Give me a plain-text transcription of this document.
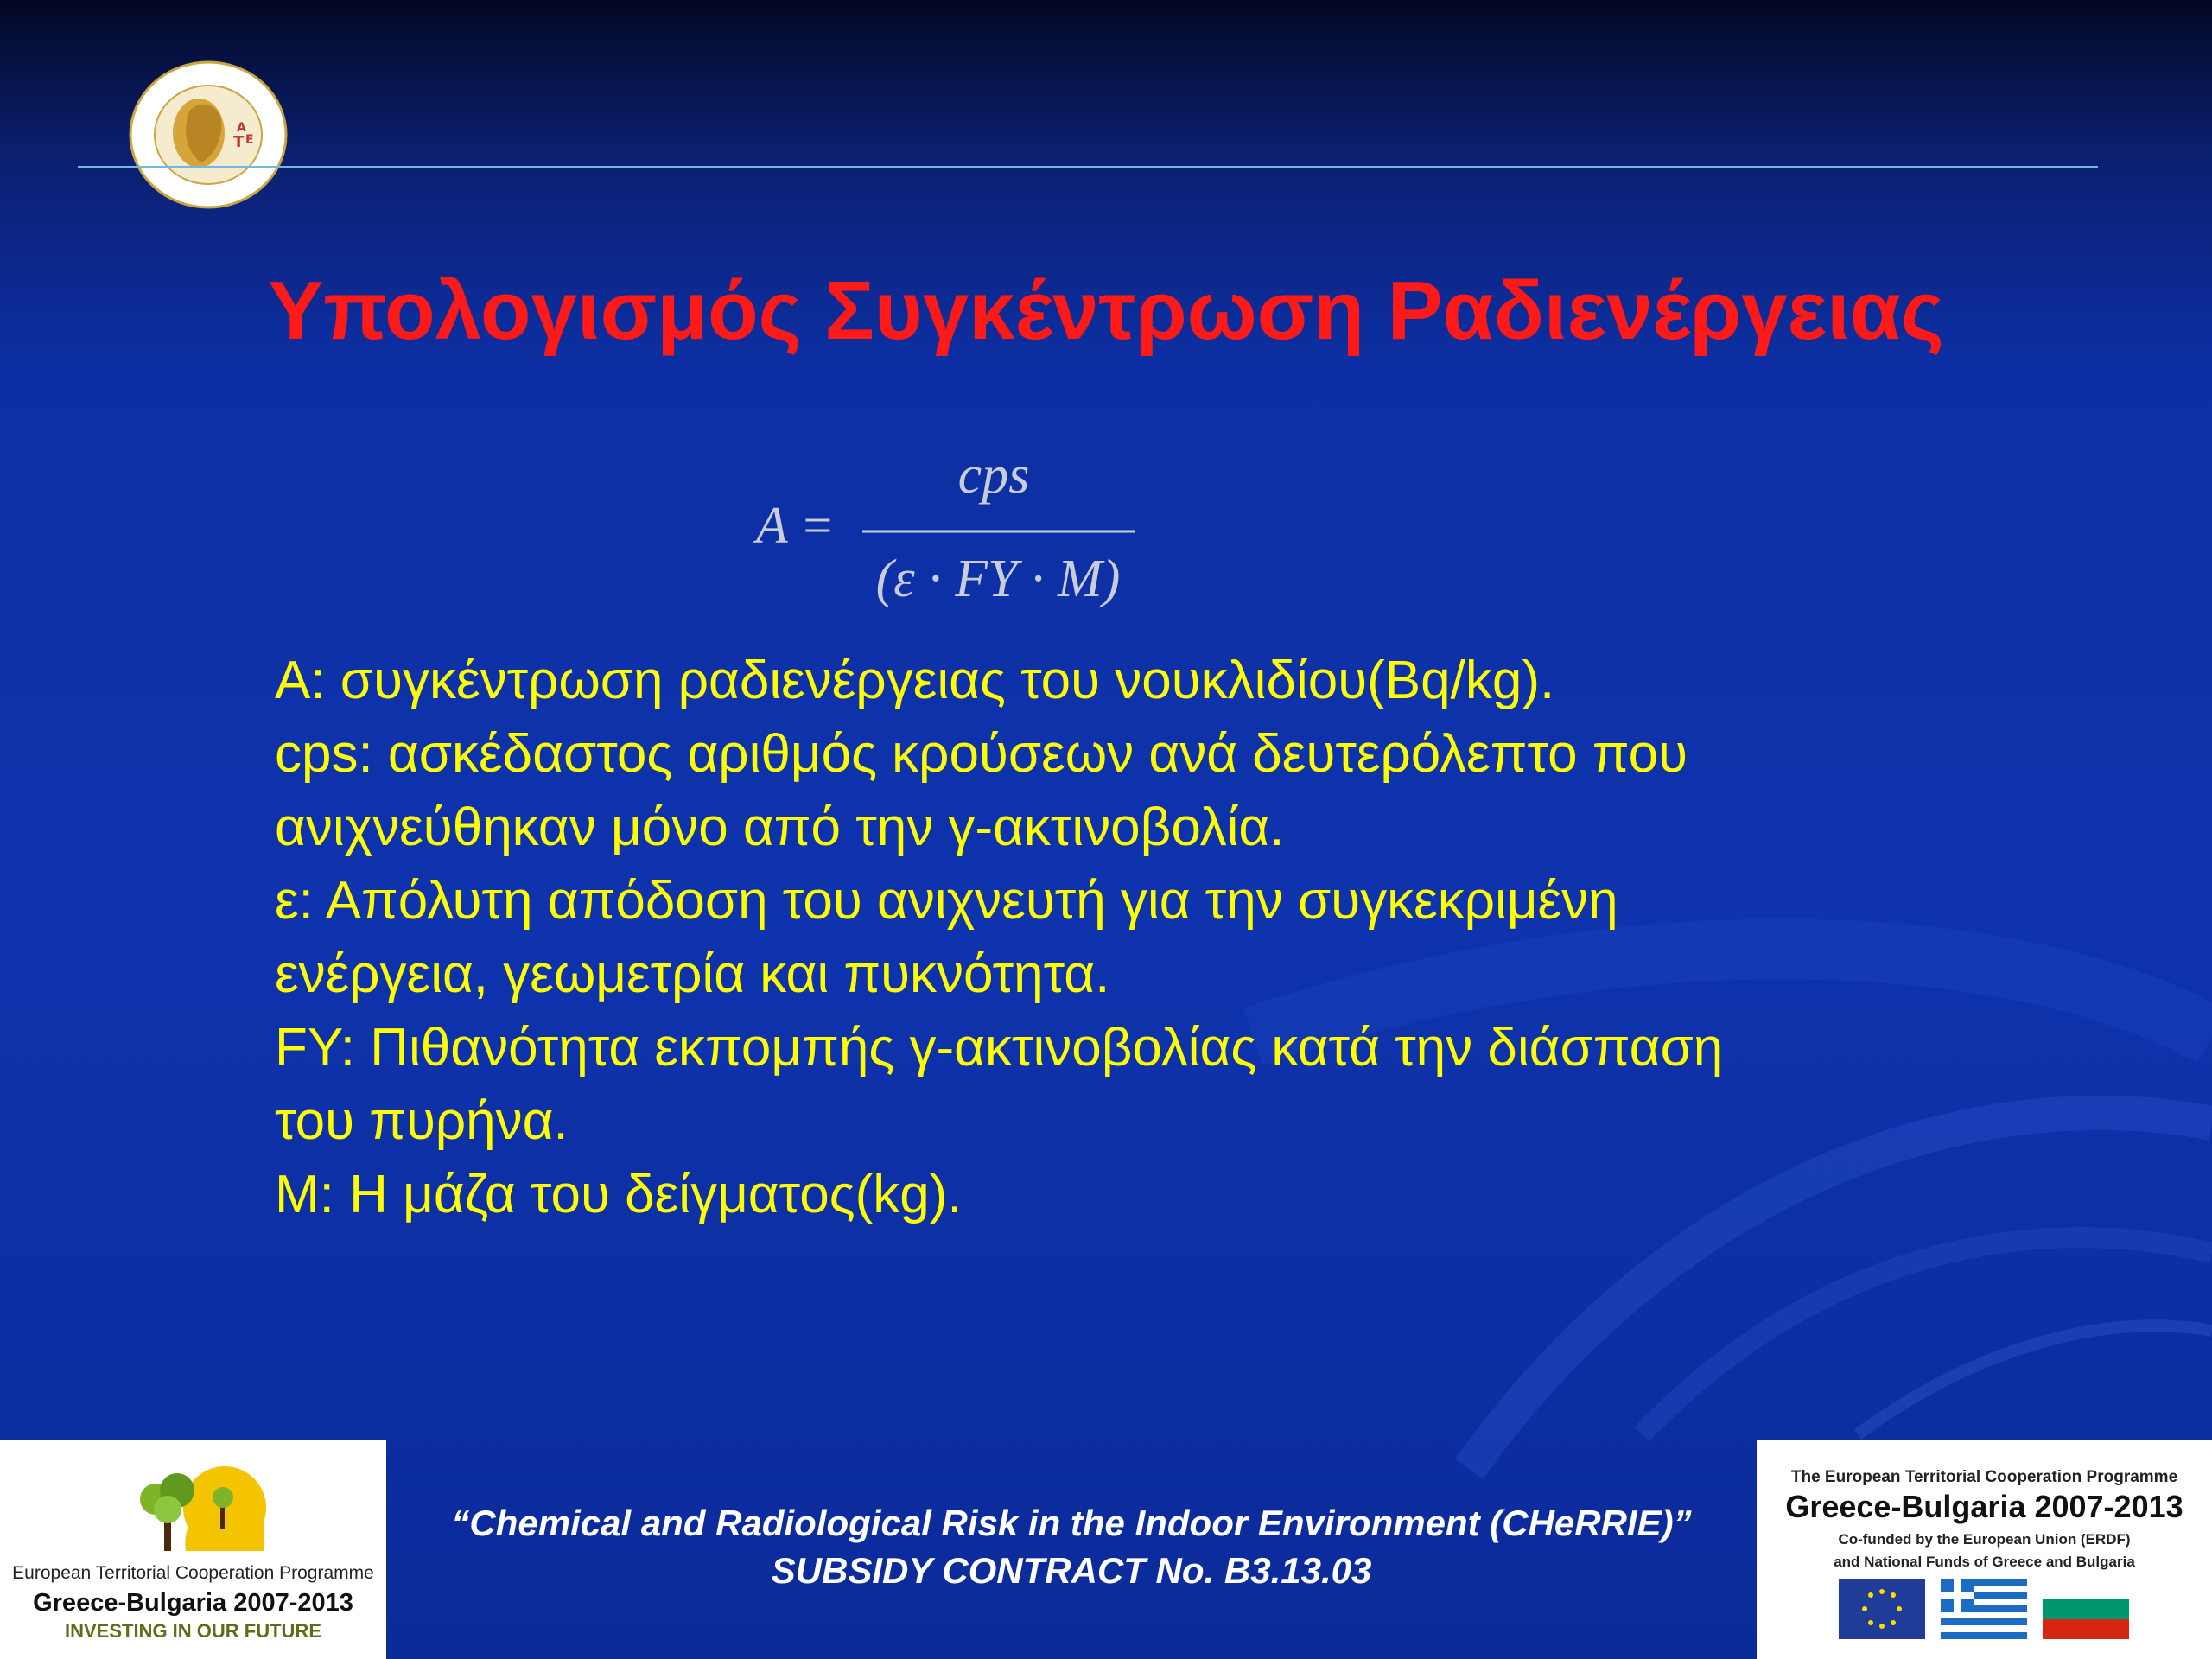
Τ Ε
Α
Υπολογισμός Συγκέντρωση Ραδιενέργειας
A =
cps
(ε · FY · M)
Α: συγκέντρωση ραδιενέργειας του νουκλιδίου(Bq/kg).
cps: ασκέδαστος αριθμός κρούσεων ανά δευτερόλεπτο που
ανιχνεύθηκαν μόνο από την γ-ακτινοβολία.
ε: Απόλυτη απόδοση του ανιχνευτή για την συγκεκριμένη
ενέργεια, γεωμετρία και πυκνότητα.
FY: Πιθανότητα εκπομπής γ-ακτινοβολίας κατά την διάσπαση
του πυρήνα.
M: Η μάζα του δείγματος(kg).
European Territorial Cooperation Programme
Greece-Bulgaria 2007-2013
INVESTING IN OUR FUTURE
“Chemical and Radiological Risk in the Indoor Environment (CHeRRIE)”
SUBSIDY CONTRACT No. B3.13.03
The European Territorial Cooperation Programme
Greece-Bulgaria 2007-2013
Co-funded by the European Union (ERDF)
and National Funds of Greece and Bulgaria
